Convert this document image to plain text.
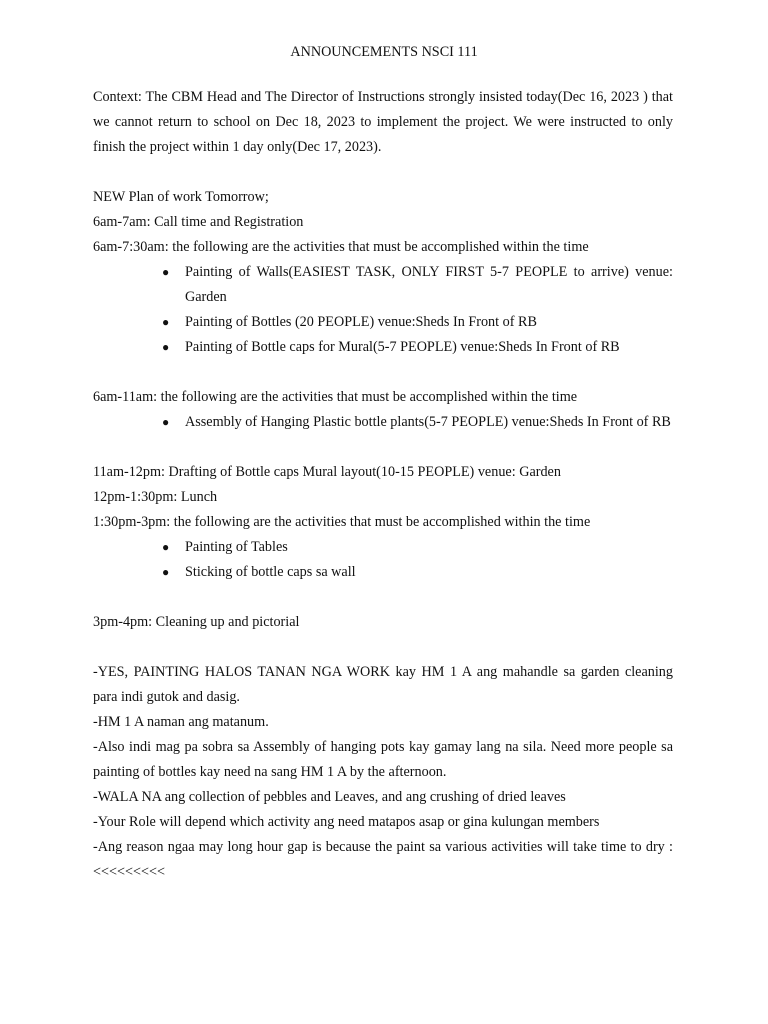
ANNOUNCEMENTS NSCI 111

Context: The CBM Head and The Director of Instructions strongly insisted today(Dec 16, 2023 ) that we cannot return to school on Dec 18, 2023 to implement the project. We were instructed to only finish the project within 1 day only(Dec 17, 2023).

NEW Plan of work Tomorrow;

6am-7am: Call time and Registration

6am-7:30am: the following are the activities that must be accomplished within the time

● Painting of Walls(EASIEST TASK, ONLY FIRST 5-7 PEOPLE to arrive) venue: Garden
● Painting of Bottles (20 PEOPLE) venue:Sheds In Front of RB
● Painting of Bottle caps for Mural(5-7 PEOPLE) venue:Sheds In Front of RB

6am-11am: the following are the activities that must be accomplished within the time

● Assembly of Hanging Plastic bottle plants(5-7 PEOPLE) venue:Sheds In Front of RB

11am-12pm: Drafting of Bottle caps Mural layout(10-15 PEOPLE) venue: Garden

12pm-1:30pm: Lunch

1:30pm-3pm: the following are the activities that must be accomplished within the time

● Painting of Tables
● Sticking of bottle caps sa wall

3pm-4pm: Cleaning up and pictorial

-YES, PAINTING HALOS TANAN NGA WORK kay HM 1 A ang mahandle sa garden cleaning para indi gutok and dasig.

-HM 1 A naman ang matanum.

-Also indi mag pa sobra sa Assembly of hanging pots kay gamay lang na sila. Need more people sa painting of bottles kay need na sang HM 1 A by the afternoon.

-WALA NA ang collection of pebbles and Leaves, and ang crushing of dried leaves

-Your Role will depend which activity ang need matapos asap or gina kulungan members

-Ang reason ngaa may long hour gap is because the paint sa various activities will take time to dry :<<<<<<<<<
